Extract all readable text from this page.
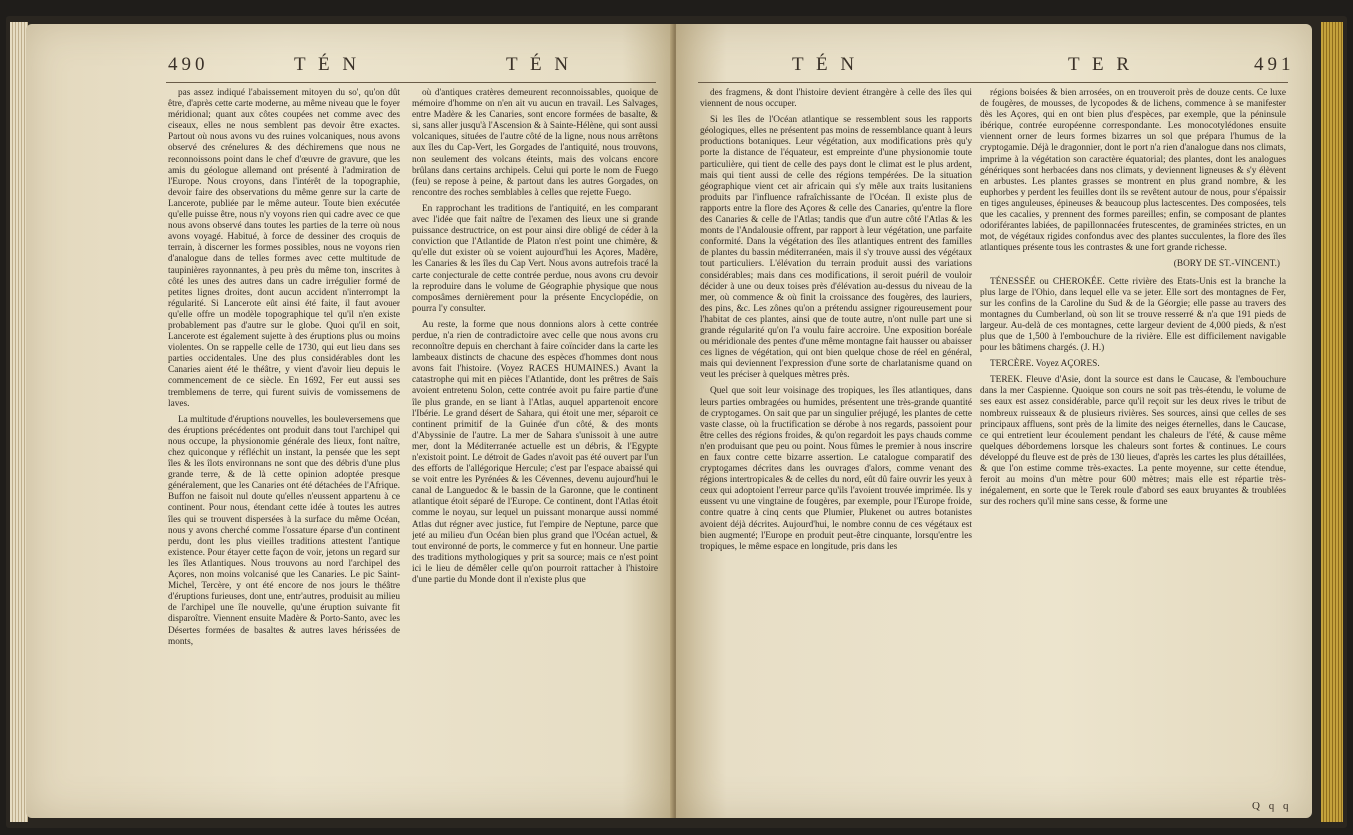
490	T É N	T É N

pas assez indiqué l'abaissement mitoyen du so', qu'on dût être, d'après cette carte moderne, au même niveau que le foyer méridional; quant aux côtes coupées net comme avec des ciseaux, elles ne nous semblent pas devoir être exactes. Partout où nous avons vu des ruines volcaniques, nous avons observé des crénelures & des déchiremens que nous ne reconnoissons point dans le chef d'œuvre de gravure, que les amis du géologue allemand ont présenté à l'admiration de l'Europe. Nous croyons, dans l'intérêt de la topographie, devoir faire des observations du même genre sur la carte de Lancerote, publiée par le même auteur. Toute bien exécutée qu'elle puisse être, nous n'y voyons rien qui cadre avec ce que nous avons observé dans toutes les parties de la terre où nous avons voyagé. Habitué, à force de dessiner des croquis de terrain, à discerner les formes possibles, nous ne voyons rien d'analogue dans de telles formes avec cette multitude de taupinières rayonnantes, à peu près du même ton, inscrites à côté les unes des autres dans un cadre irrégulier formé de petites lignes droites, dont aucun accident n'interrompt la régularité. Si Lancerote eût ainsi été faite, il faut avouer qu'elle offre un modèle topographique tel qu'il n'en existe probablement pas d'autre sur le globe. Quoi qu'il en soit, Lancerote est également sujette à des éruptions plus ou moins violentes. On se rappelle celle de 1730, qui eut lieu dans ses parties occidentales. Une des plus considérables dont les Canaries aient été le théâtre, y vient d'avoir lieu depuis le commencement de ce siècle. En 1692, Fer eut aussi ses tremblemens de terre, qui furent suivis de vomissemens de laves.

La multitude d'éruptions nouvelles, les bouleversemens que des éruptions précédentes ont produit dans tout l'archipel qui nous occupe, la physionomie générale des lieux, font naître, chez quiconque y réfléchit un instant, la pensée que les sept îles & les îlots environnans ne sont que des débris d'une plus grande terre, & de là cette opinion adoptée presque généralement, que les Canaries ont été détachées de l'Afrique. Buffon ne faisoit nul doute qu'elles n'eussent appartenu à ce continent. Pour nous, étendant cette idée à toutes les autres îles qui se trouvent dispersées à la surface du même Océan, nous y avons cherché comme l'ossature éparse d'un continent perdu, dont les plus vieilles traditions attestent l'antique existence. Pour étayer cette façon de voir, jetons un regard sur les îles Atlantiques. Nous trouvons au nord l'archipel des Açores, non moins volcanisé que les Canaries. Le pic Saint-Michel, Tercère, y ont été encore de nos jours le théâtre d'éruptions furieuses, dont une, entr'autres, produisit au milieu de l'archipel une île nouvelle, qu'une éruption suivante fit disparoître. Viennent ensuite Madère & Porto-Santo, avec les Désertes formées de basaltes & autres laves hérissées de monts,

où d'antiques cratères demeurent reconnoissables, quoique de mémoire d'homme on n'en ait vu aucun en travail. Les Salvages, entre Madère & les Canaries, sont encore formées de basalte, & si, sans aller jusqu'à l'Ascension & à Sainte-Hélène, qui sont aussi volcaniques, situées de l'autre côté de la ligne, nous nous arrêtons aux îles du Cap-Vert, les Gorgades de l'antiquité, nous trouvons, non seulement des volcans éteints, mais des volcans encore brûlans dans certains archipels. Celui qui porte le nom de Fuego (feu) se repose à peine, & partout dans les autres Gorgades, on rencontre des roches semblables à celles que rejette Fuego.

En rapprochant les traditions de l'antiquité, en les comparant avec l'idée que fait naître de l'examen des lieux une si grande puissance destructrice, on est pour ainsi dire obligé de céder à la conviction que l'Atlantide de Platon n'est point une chimère, & qu'elle dut exister où se voient aujourd'hui les Açores, Madère, les Canaries & les îles du Cap Vert. Nous avons autrefois tracé la carte conjecturale de cette contrée perdue, nous avons cru devoir la reproduire dans le volume de Géographie physique que nous composâmes dernièrement pour la présente Encyclopédie, on pourra l'y consulter.

Au reste, la forme que nous donnions alors à cette contrée perdue, n'a rien de contradictoire avec celle que nous avons cru reconnoître depuis en cherchant à faire coïncider dans la carte les lambeaux distincts de chacune des espèces d'hommes dont nous avons fait l'histoire. (Voyez RACES HUMAINES.) Avant la catastrophe qui mit en pièces l'Atlantide, dont les prêtres de Saïs avoient entretenu Solon, cette contrée avoit pu faire partie d'une île plus grande, en se liant à l'Atlas, auquel appartenoit encore l'Ibérie. Le grand désert de Sahara, qui étoit une mer, séparoit ce continent primitif de la Guinée d'un côté, & des monts d'Abyssinie de l'autre. La mer de Sahara s'unissoit à une autre mer, dont la Méditerranée actuelle est un débris, & l'Egypte n'existoit point. Le détroit de Gades n'avoit pas été ouvert par l'un des efforts de l'allégorique Hercule; c'est par l'espace abaissé qui se voit entre les Pyrénées & les Cévennes, devenu aujourd'hui le canal de Languedoc & le bassin de la Garonne, que le continent atlantique étoit séparé de l'Europe. Ce continent, dont l'Atlas étoit comme le noyau, sur lequel un puissant monarque aussi nommé Atlas dut régner avec justice, fut l'empire de Neptune, parce que jeté au milieu d'un Océan bien plus grand que l'Océan actuel, & tout environné de ports, le commerce y fut en honneur. Une partie des traditions mythologiques y prit sa source; mais ce n'est point ici le lieu de démêler celle qu'on pourroit rattacher à l'histoire d'une partie du Monde dont il n'existe plus que

T É N	T E R	491

des fragmens, & dont l'histoire devient étrangère à celle des îles qui viennent de nous occuper.

Si les îles de l'Océan atlantique se ressemblent sous les rapports géologiques, elles ne présentent pas moins de ressemblance quant à leurs productions botaniques. Leur végétation, aux modifications près qu'y porte la distance de l'équateur, est empreinte d'une physionomie toute particulière, qui tient de celle des pays dont le climat est le plus ardent, mais qui tient aussi de celle des régions tempérées. De la situation géographique vient cet air africain qui s'y mêle aux traits lusitaniens produits par l'influence rafraîchissante de l'Océan. Il existe plus de rapports entre la flore des Açores & celle des Canaries, qu'entre la flore des Canaries & celle de l'Atlas; tandis que d'un autre côté l'Atlas & les monts de l'Andalousie offrent, par rapport à leur végétation, une parfaite conformité. Dans la végétation des îles atlantiques entrent des familles de plantes du bassin méditerranéen, mais il s'y trouve aussi des végétaux tout particuliers. L'élévation du terrain produit aussi des variations considérables; mais dans ces modifications, il seroit puéril de vouloir décider à une ou deux toises près d'élévation au-dessus du niveau de la mer, où commence & où finit la croissance des fougères, des lauriers, des pins, &c. Les zônes qu'on a prétendu assigner rigoureusement pour l'habitat de ces plantes, ainsi que de toute autre, n'ont nulle part une si grande régularité qu'on l'a voulu faire accroire. Une exposition boréale ou méridionale des pentes d'une même montagne fait hausser ou abaisser ces lignes de végétation, qui ont bien quelque chose de réel en général, mais qui deviennent l'expression d'une sorte de charlatanisme quand on veut les préciser à quelques mètres près.

Quel que soit leur voisinage des tropiques, les îles atlantiques, dans leurs parties ombragées ou humides, présentent une très-grande quantité de cryptogames. On sait que par un singulier préjugé, les plantes de cette vaste classe, où la fructification se dérobe à nos regards, passoient pour être celles des régions froides, & qu'on regardoit les pays chauds comme n'en produisant que peu ou point. Nous fûmes le premier à nous inscrire en faux contre cette bizarre assertion. Le catalogue comparatif des cryptogames décrites dans les ouvrages d'alors, comme venant des régions intertropicales & de celles du nord, eût dû faire ouvrir les yeux à ceux qui adoptoient l'erreur parce qu'ils l'avoient trouvée imprimée. Ils y eussent vu une vingtaine de fougères, par exemple, pour l'Europe froide, contre quatre à cinq cents que Plumier, Plukenet ou autres botanistes avoient déjà décrites. Aujourd'hui, le nombre connu de ces végétaux est bien augmenté; l'Europe en produit peut-être cinquante, lorsqu'entre les tropiques, le même espace en longitude, pris dans les

régions boisées & bien arrosées, on en trouveroit près de douze cents. Ce luxe de fougères, de mousses, de lycopodes & de lichens, commence à se manifester dès les Açores, qui en ont bien plus d'espèces, par exemple, que la péninsule ibérique, contrée européenne correspondante. Les monocotylédones ensuite viennent orner de leurs formes bizarres un sol que prépara l'humus de la cryptogamie. Déjà le dragonnier, dont le port n'a rien d'analogue dans nos climats, imprime à la végétation son caractère équatorial; des plantes, dont les analogues génériques sont herbacées dans nos climats, y deviennent ligneuses & s'y élèvent en arbustes. Les plantes grasses se montrent en plus grand nombre, & les euphorbes y perdent les feuilles dont ils se revêtent autour de nous, pour s'épaissir en tiges anguleuses, épineuses & beaucoup plus lactescentes. Des composées, tels que les cacalies, y prennent des formes pareilles; enfin, se composant de plantes odoriférantes labiées, de papillonnacées frutescentes, de graminées strictes, en un mot, de végétaux rigides confondus avec des plantes succulentes, la flore des îles atlantiques présente tous les contrastes & une fort grande richesse.

(BORY DE ST.-VINCENT.)

TÉNESSÉE ou CHEROKÉE. Cette rivière des Etats-Unis est la branche la plus large de l'Ohio, dans lequel elle va se jeter. Elle sort des montagnes de Fer, sur les confins de la Caroline du Sud & de la Géorgie; elle passe au travers des montagnes du Cumberland, où son lit se trouve resserré & n'a que 191 pieds de largeur. Au-delà de ces montagnes, cette largeur devient de 4,000 pieds, & n'est plus que de 1,500 à l'embouchure de la rivière. Elle est difficilement navigable pour les bâtimens chargés. (J. H.)

TERCÈRE. Voyez AÇORES.

TEREK. Fleuve d'Asie, dont la source est dans le Caucase, & l'embouchure dans la mer Caspienne. Quoique son cours ne soit pas très-étendu, le volume de ses eaux est assez considérable, parce qu'il reçoit sur les deux rives le tribut de nombreux ruisseaux & de plusieurs rivières. Ses sources, ainsi que celles de ses principaux affluens, sont près de la limite des neiges éternelles, dans le Caucase, ce qui entretient leur écoulement pendant les chaleurs de l'été, & cause même quelques débordemens lorsque les chaleurs sont fortes & continues. Le cours développé du fleuve est de près de 130 lieues, d'après les cartes les plus détaillées, & que l'on estime comme très-exactes. La pente moyenne, sur cette étendue, feroit au moins d'un mètre pour 600 mètres; mais elle est répartie très-inégalement, en sorte que le Terek roule d'abord ses eaux bruyantes & troublées sur des rochers qu'il mine sans cesse, & forme une

Q q q
